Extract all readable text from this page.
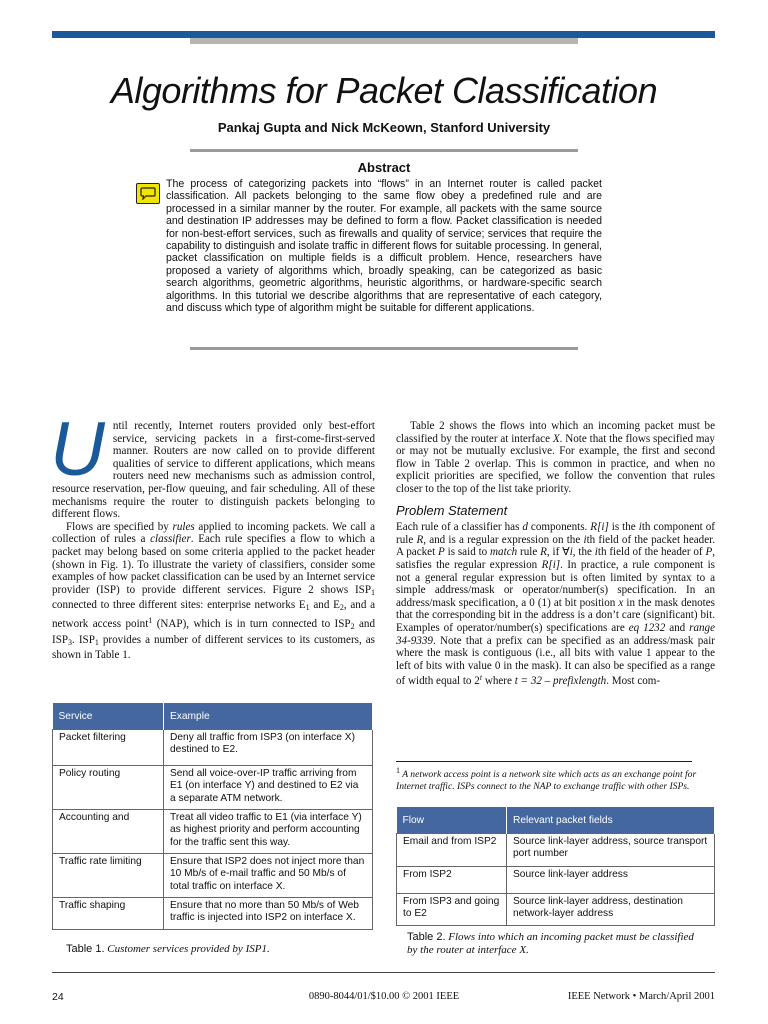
Algorithms for Packet Classification
Pankaj Gupta and Nick McKeown, Stanford University
Abstract
The process of categorizing packets into “flows” in an Internet router is called packet classification. All packets belonging to the same flow obey a predefined rule and are processed in a similar manner by the router. For example, all packets with the same source and destination IP addresses may be defined to form a flow. Packet classification is needed for non-best-effort services, such as firewalls and quality of service; services that require the capability to distinguish and isolate traffic in different flows for suitable processing. In general, packet classification on multiple fields is a difficult problem. Hence, researchers have proposed a variety of algorithms which, broadly speaking, can be categorized as basic search algorithms, geometric algorithms, heuristic algorithms, or hardware-specific search algorithms. In this tutorial we describe algorithms that are representative of each category, and discuss which type of algorithm might be suitable for different applications.

Until recently, Internet routers provided only best-effort service, servicing packets in a first-come-first-served manner. Routers are now called on to provide different qualities of service to different applications, which means routers need new mechanisms such as admission control, resource reservation, per-flow queuing, and fair scheduling. All of these mechanisms require the router to distinguish packets belonging to different flows.

Flows are specified by rules applied to incoming packets. We call a collection of rules a classifier. Each rule specifies a flow to which a packet may belong based on some criteria applied to the packet header (shown in Fig. 1). To illustrate the variety of classifiers, consider some examples of how packet classification can be used by an Internet service provider (ISP) to provide different services. Figure 2 shows $ISP_1$ connected to three different sites: enterprise networks $E_1$ and $E_2$, and a network access point$^1$ (NAP), which is in turn connected to $ISP_2$ and $ISP_3$. $ISP_1$ provides a number of different services to its customers, as shown in Table 1.

Table 2 shows the flows into which an incoming packet must be classified by the router at interface X. Note that the flows specified may or may not be mutually exclusive. For example, the first and second flow in Table 2 overlap. This is common in practice, and when no explicit priorities are specified, we follow the convention that rules closer to the top of the list take priority.

Problem Statement

Each rule of a classifier has d components. R[i] is the ith component of rule R, and is a regular expression on the ith field of the packet header. A packet P is said to match rule R, if ∀i, the ith field of the header of P, satisfies the regular expression R[i]. In practice, a rule component is not a general regular expression but is often limited by syntax to a simple address/mask or operator/number(s) specification. In an address/mask specification, a 0 (1) at bit position x in the mask denotes that the corresponding bit in the address is a don’t care (significant) bit. Examples of operator/number(s) specifications are eq 1232 and range 34-9339. Note that a prefix can be specified as an address/mask pair where the mask is contiguous (i.e., all bits with value 1 appear to the left of bits with value 0 in the mask). It can also be specified as a range of width equal to 2$^t$ where t = 32 – prefixlength. Most com-

$^1$ A network access point is a network site which acts as an exchange point for Internet traffic. ISPs connect to the NAP to exchange traffic with other ISPs.
Service	Example
Packet filtering	Deny all traffic from ISP3 (on interface X) destined to E2.
Policy routing	Send all voice-over-IP traffic arriving from E1 (on interface Y) and destined to E2 via a separate ATM network.
Accounting and	Treat all video traffic to E1 (via interface Y) as highest priority and perform accounting for the traffic sent this way.
Traffic rate limiting	Ensure that ISP2 does not inject more than 10 Mb/s of e-mail traffic and 50 Mb/s of total traffic on interface X.
Traffic shaping	Ensure that no more than 50 Mb/s of Web traffic is injected into ISP2 on interface X.
Table 1. Customer services provided by ISP1.
Flow	Relevant packet fields
Email and from ISP2	Source link-layer address, source transport port number
From ISP2	Source link-layer address
From ISP3 and going to E2	Source link-layer address, destination network-layer address
Table 2. Flows into which an incoming packet must be classified by the router at interface X.
24	0890-8044/01/$10.00 © 2001 IEEE	IEEE Network • March/April 2001
